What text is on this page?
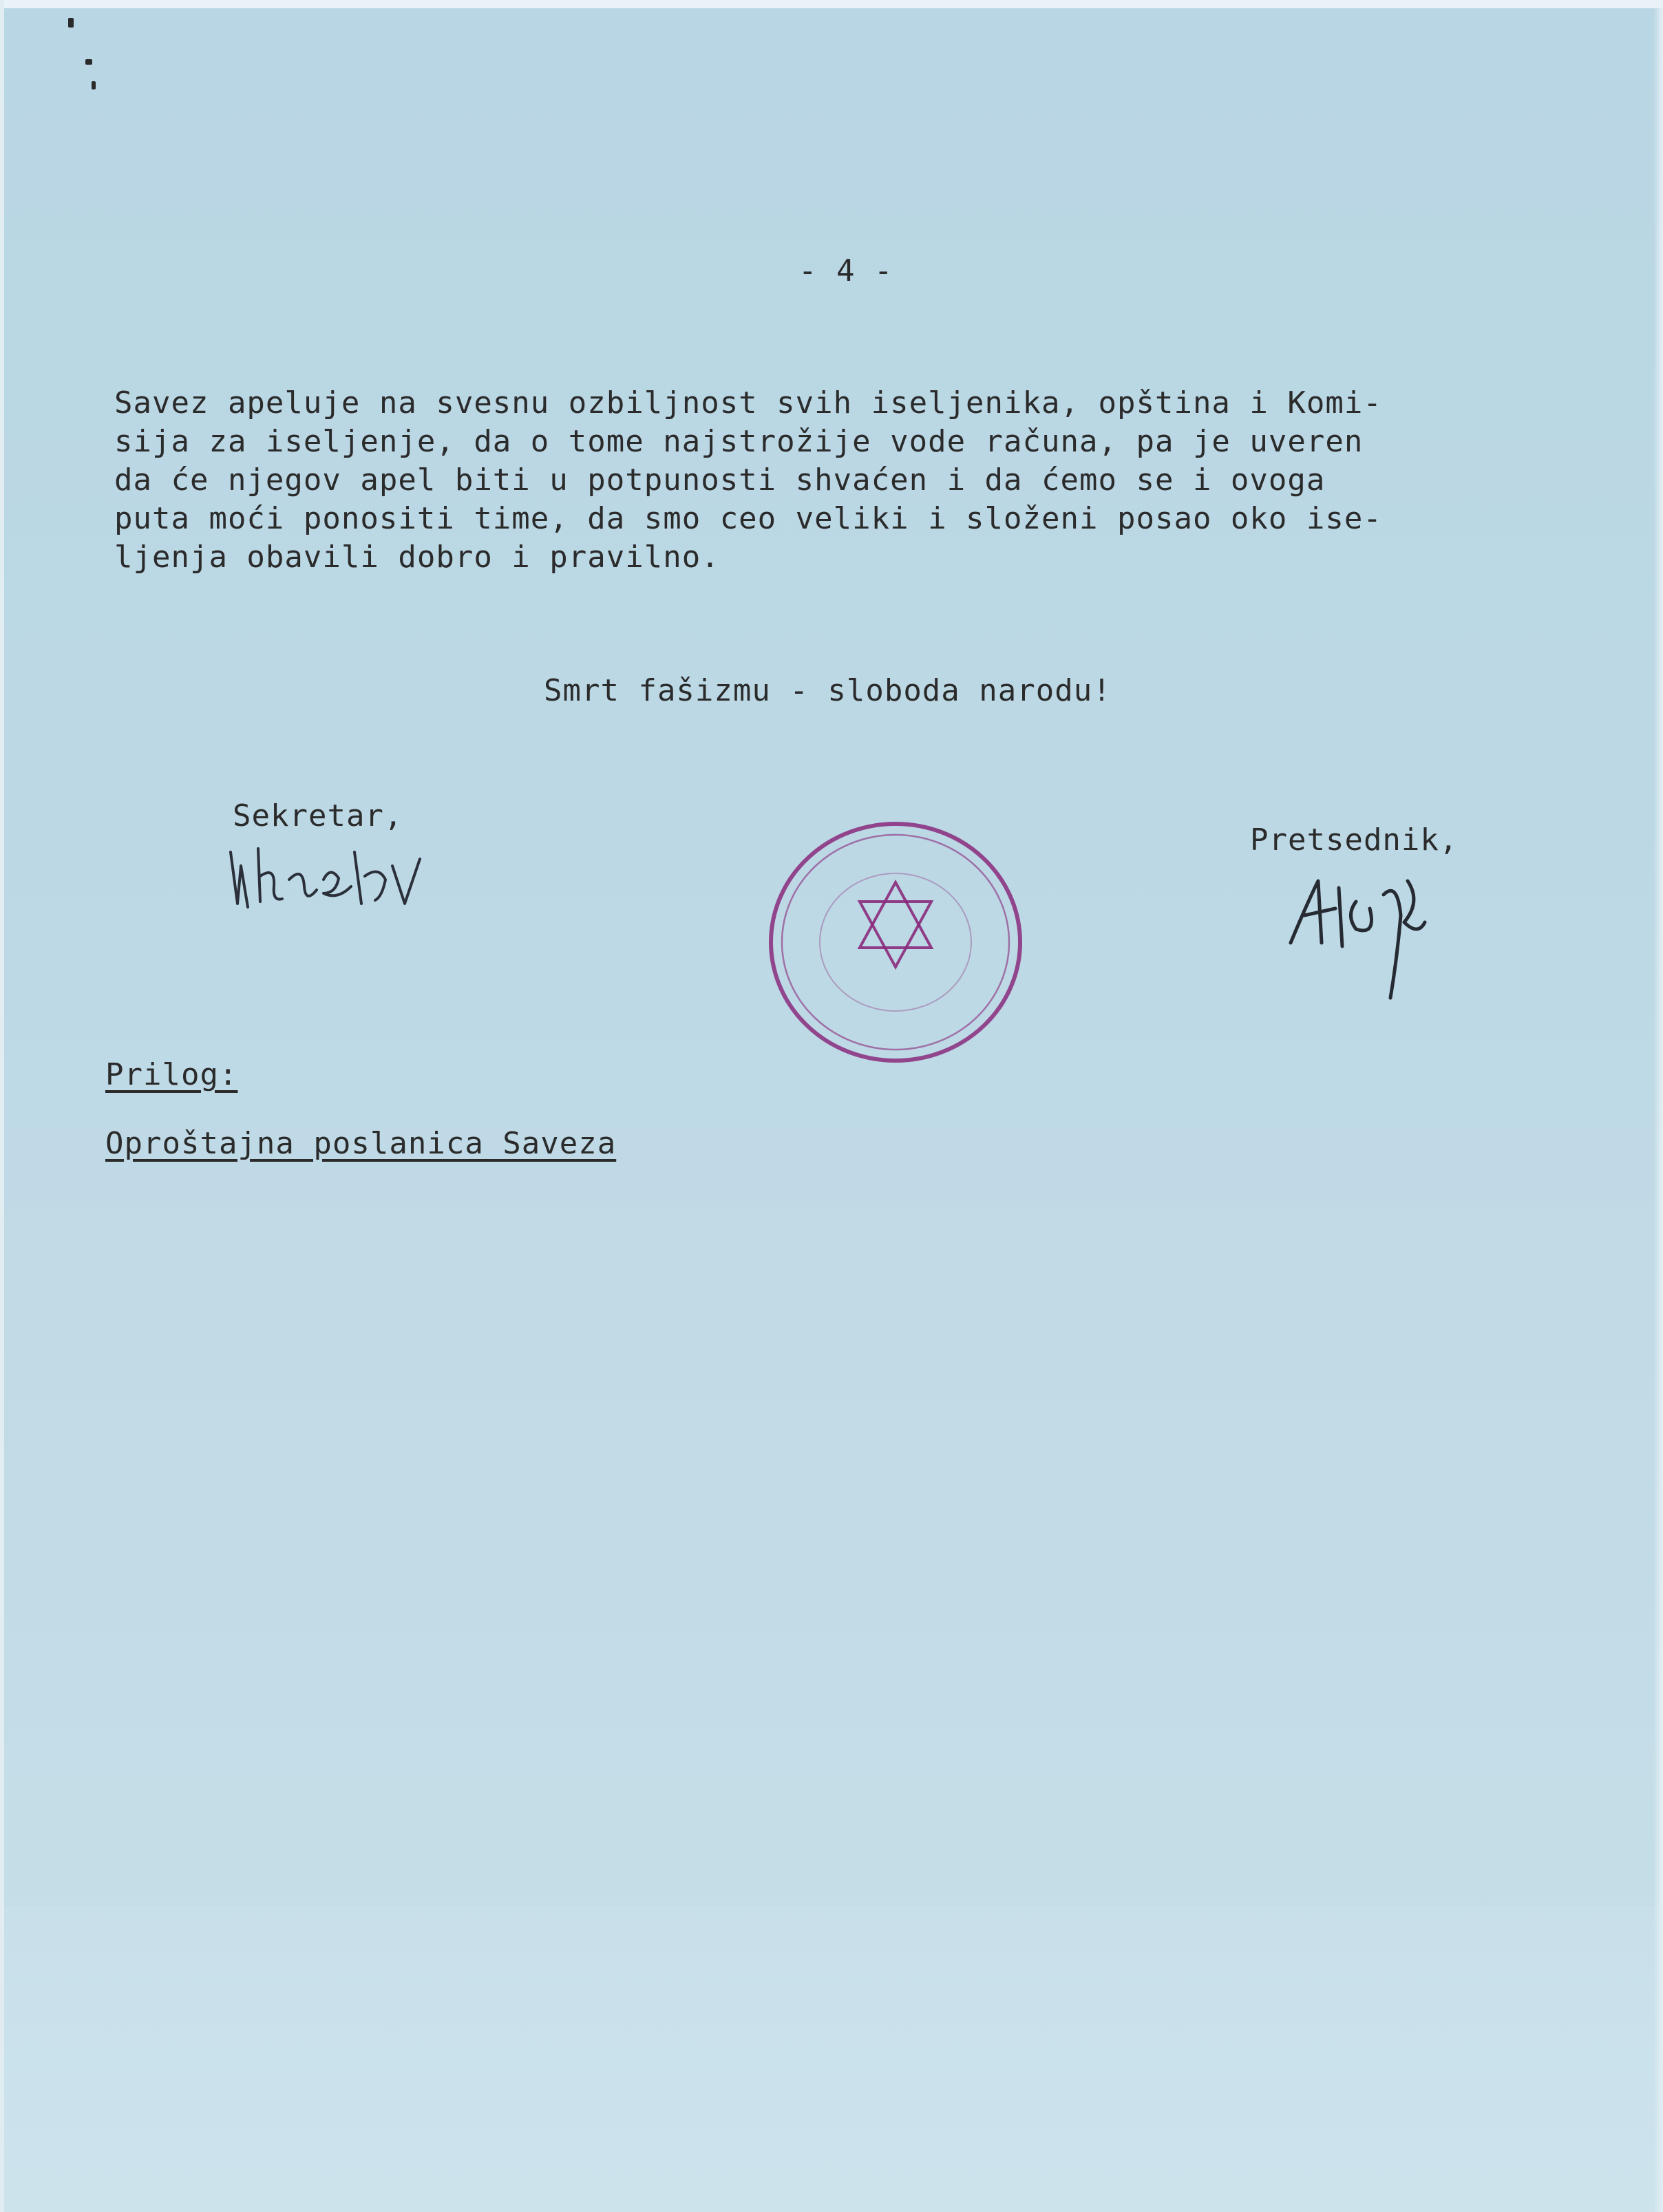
- 4 -
Savez apeluje na svesnu ozbiljnost svih iseljenika, opština i Komi-
sija za iseljenje, da o tome najstrožije vode računa, pa je uveren
da će njegov apel biti u potpunosti shvaćen i da ćemo se i ovoga
puta moći ponositi time, da smo ceo veliki i složeni posao oko ise-
ljenja obavili dobro i pravilno.
Smrt fašizmu - sloboda narodu!
Sekretar,
Pretsednik,
Prilog:
Oproštajna poslanica Saveza
